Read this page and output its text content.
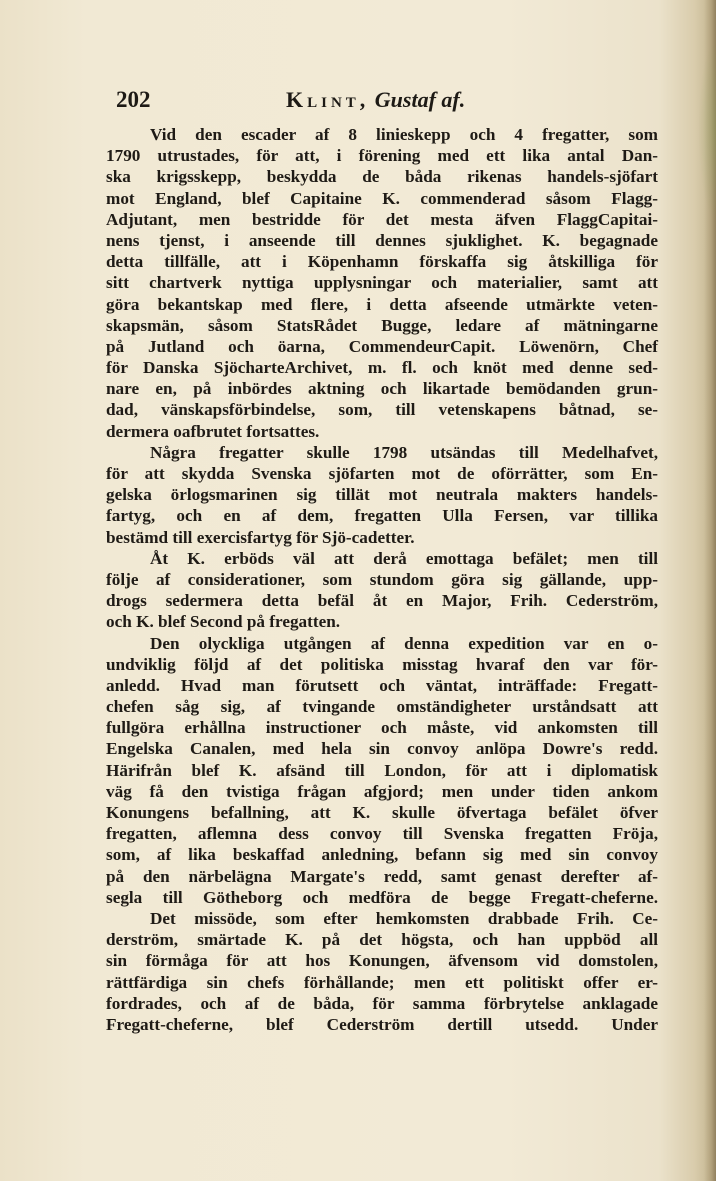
202	Klint, Gustaf af.
Vid den escader af 8 linieskepp och 4 fregatter, som
1790 utrustades, för att, i förening med ett lika antal Dan-
ska krigsskepp, beskydda de båda rikenas handels-sjöfart
mot England, blef Capitaine K. commenderad såsom Flagg-
Adjutant, men bestridde för det mesta äfven FlaggCapitai-
nens tjenst, i anseende till dennes sjuklighet. K. begagnade
detta tillfälle, att i Köpenhamn förskaffa sig åtskilliga för
sitt chartverk nyttiga upplysningar och materialier, samt att
göra bekantskap med flere, i detta afseende utmärkte veten-
skapsmän, såsom StatsRådet Bugge, ledare af mätningarne
på Jutland och öarna, CommendeurCapit. Löwenörn, Chef
för Danska SjöcharteArchivet, m. fl. och knöt med denne sed-
nare en, på inbördes aktning och likartade bemödanden grun-
dad, vänskapsförbindelse, som, till vetenskapens båtnad, se-
dermera oafbrutet fortsattes.
Några fregatter skulle 1798 utsändas till Medelhafvet,
för att skydda Svenska sjöfarten mot de oförrätter, som En-
gelska örlogsmarinen sig tillät mot neutrala makters handels-
fartyg, och en af dem, fregatten Ulla Fersen, var tillika
bestämd till exercisfartyg för Sjö-cadetter.
Åt K. erböds väl att derå emottaga befälet; men till
följe af considerationer, som stundom göra sig gällande, upp-
drogs sedermera detta befäl åt en Major, Frih. Cederström,
och K. blef Second på fregatten.
Den olyckliga utgången af denna expedition var en o-
undviklig följd af det politiska misstag hvaraf den var för-
anledd. Hvad man förutsett och väntat, inträffade: Fregatt-
chefen såg sig, af tvingande omständigheter urståndsatt att
fullgöra erhållna instructioner och måste, vid ankomsten till
Engelska Canalen, med hela sin convoy anlöpa Dowre's redd.
Härifrån blef K. afsänd till London, för att i diplomatisk
väg få den tvistiga frågan afgjord; men under tiden ankom
Konungens befallning, att K. skulle öfvertaga befälet öfver
fregatten, aflemna dess convoy till Svenska fregatten Fröja,
som, af lika beskaffad anledning, befann sig med sin convoy
på den närbelägna Margate's redd, samt genast derefter af-
segla till Götheborg och medföra de begge Fregatt-cheferne.
Det missöde, som efter hemkomsten drabbade Frih. Ce-
derström, smärtade K. på det högsta, och han uppböd all
sin förmåga för att hos Konungen, äfvensom vid domstolen,
rättfärdiga sin chefs förhållande; men ett politiskt offer er-
fordrades, och af de båda, för samma förbrytelse anklagade
Fregatt-cheferne, blef Cederström dertill utsedd. Under
